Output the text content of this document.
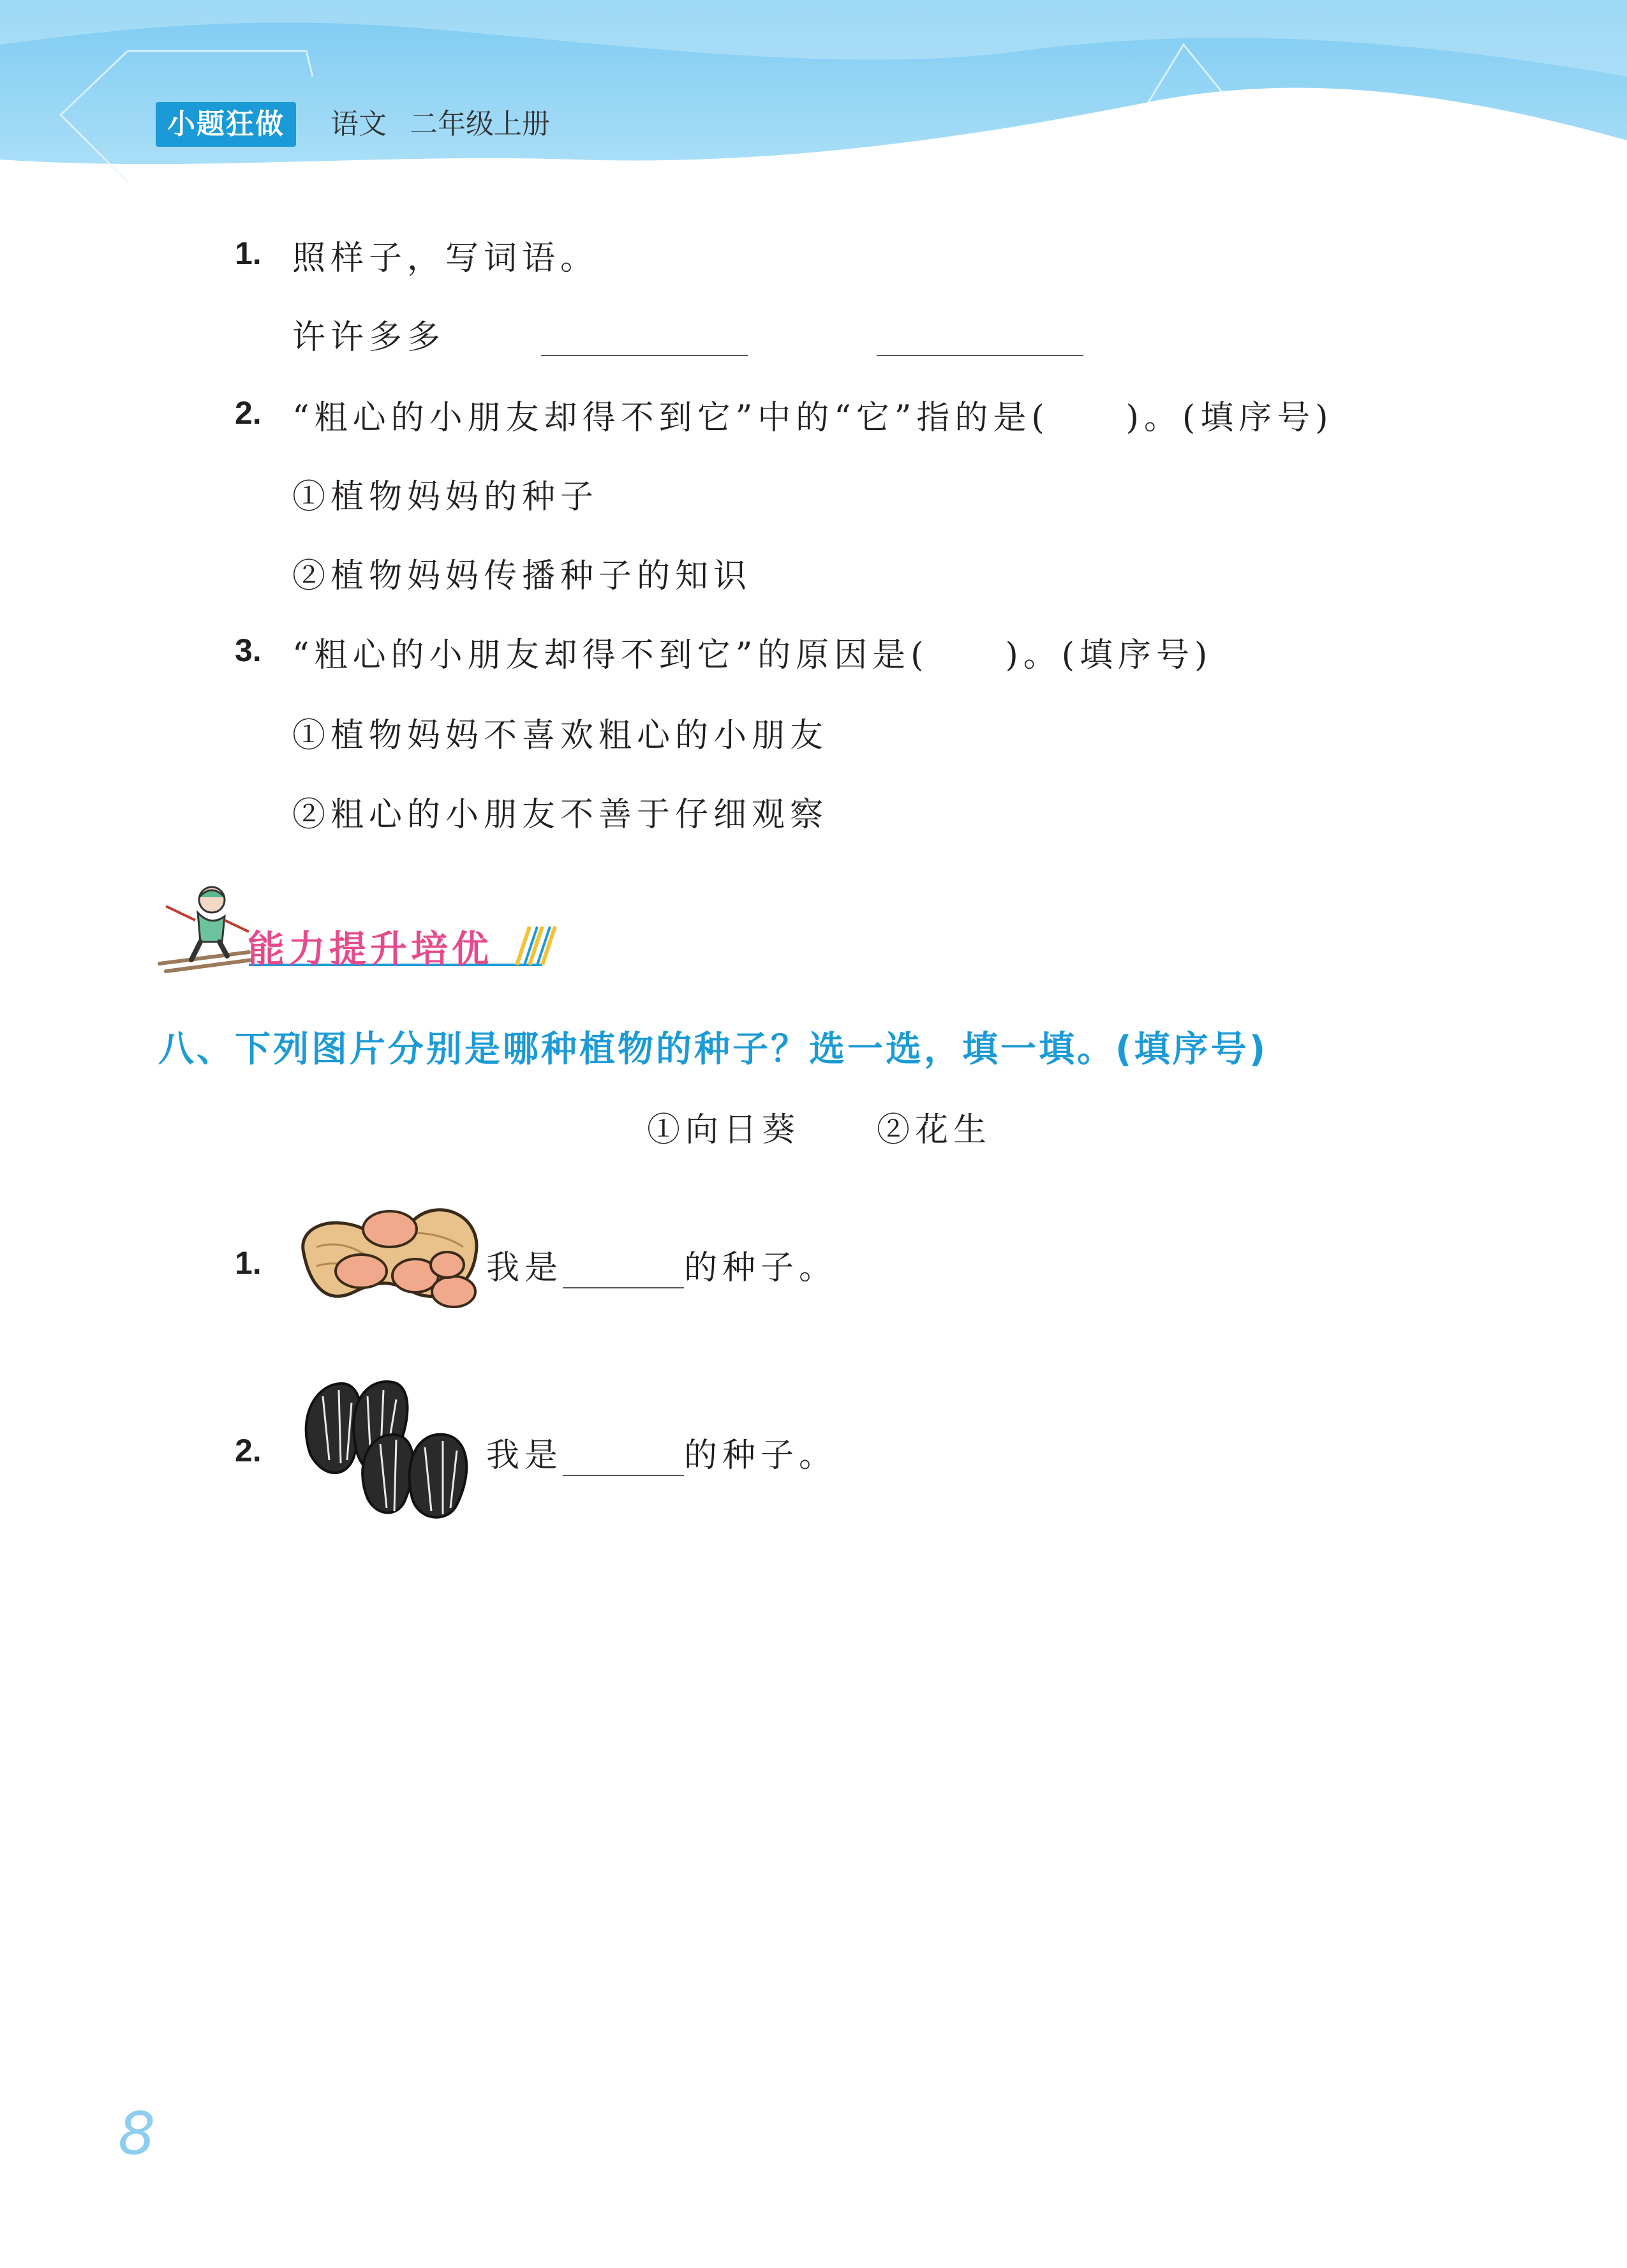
小题狂做	语文 二年级上册
1. 照样子，写词语。
许许多多
2. “粗心的小朋友却得不到它”中的“它”指的是(　　)。(填序号)
①植物妈妈的种子
②植物妈妈传播种子的知识
3. “粗心的小朋友却得不到它”的原因是(　　)。(填序号)
①植物妈妈不喜欢粗心的小朋友
②粗心的小朋友不善于仔细观察
能力提升培优
八、下列图片分别是哪种植物的种子？选一选，填一填。(填序号)
①向日葵　　②花生
1.	我是	的种子。
2.	我是	的种子。
8
